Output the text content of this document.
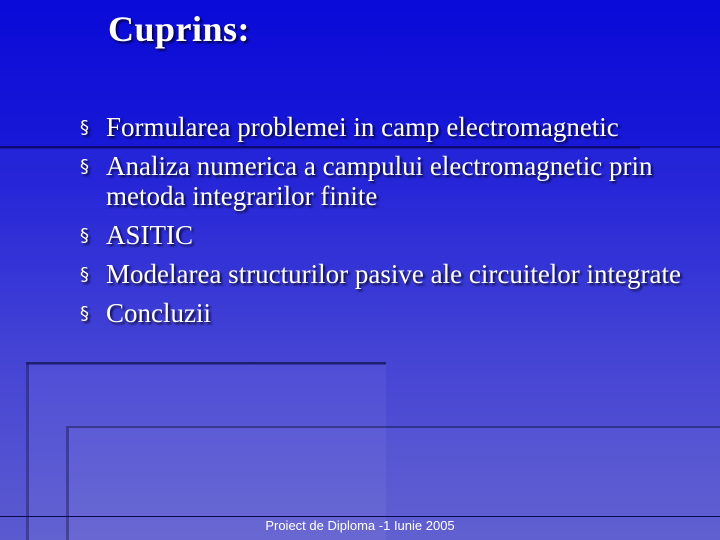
Cuprins:
§ Formularea problemei in camp electromagnetic
§ Analiza numerica a campului electromagnetic prin metoda integrarilor finite
§ ASITIC
§ Modelarea structurilor pasive ale circuitelor integrate
§ Concluzii
Proiect de Diploma -1 Iunie 2005
